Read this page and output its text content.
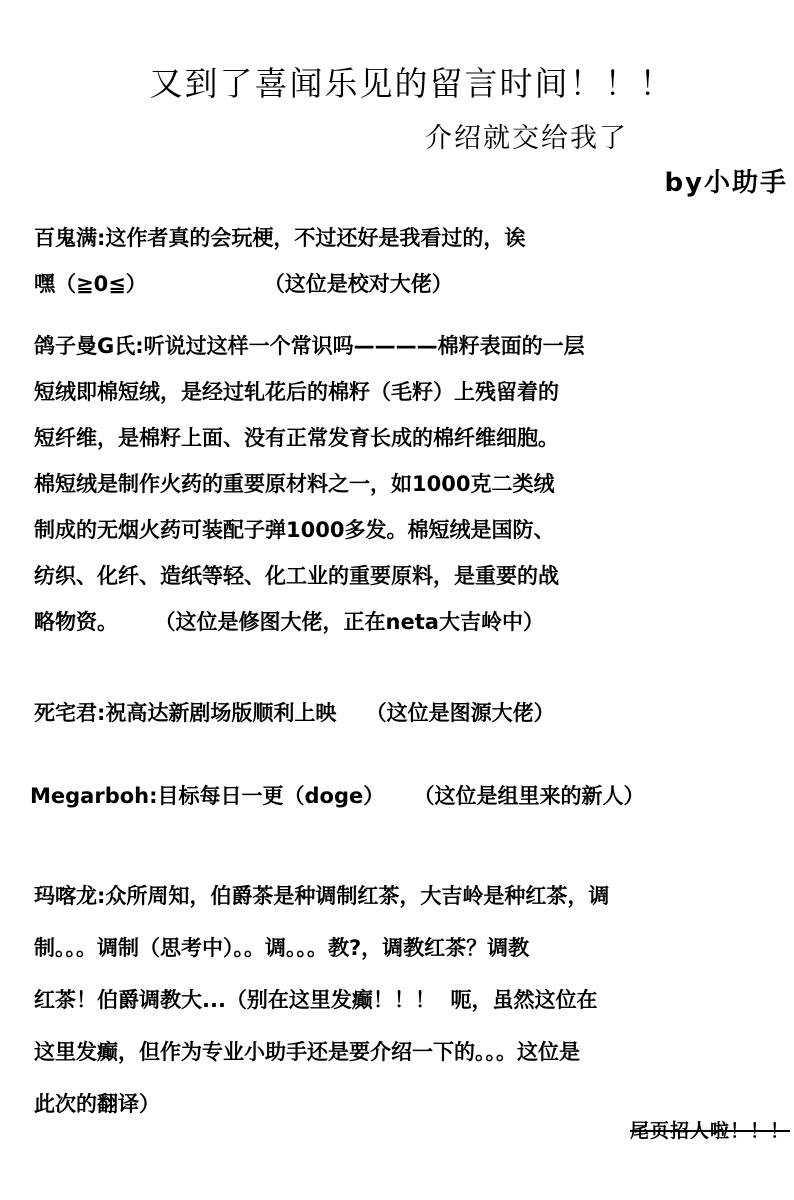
又到了喜闻乐见的留言时间！！！
介绍就交给我了
by小助手
百鬼满:这作者真的会玩梗，不过还好是我看过的，诶
嘿（≧0≦）                （这位是校对大佬）
鸽子曼G氏:听说过这样一个常识吗————棉籽表面的一层
短绒即棉短绒，是经过轧花后的棉籽（毛籽）上残留着的
短纤维，是棉籽上面、没有正常发育长成的棉纤维细胞。
棉短绒是制作火药的重要原材料之一，如1000克二类绒
制成的无烟火药可装配子弹1000多发。棉短绒是国防、
纺织、化纤、造纸等轻、化工业的重要原料，是重要的战
略物资。     （这位是修图大佬，正在neta大吉岭中）
死宅君:祝高达新剧场版顺利上映    （这位是图源大佬）
Megarboh:目标每日一更（doge）    （这位是组里来的新人）
玛喀龙:众所周知，伯爵茶是种调制红茶，大吉岭是种红茶，调
制。。。调制（思考中）。。调。。。教?，调教红茶？调教
红茶！伯爵调教大...（别在这里发癫！！！  呃，虽然这位在
这里发癫，但作为专业小助手还是要介绍一下的。。。这位是
此次的翻译）
尾页招人啦！！！
